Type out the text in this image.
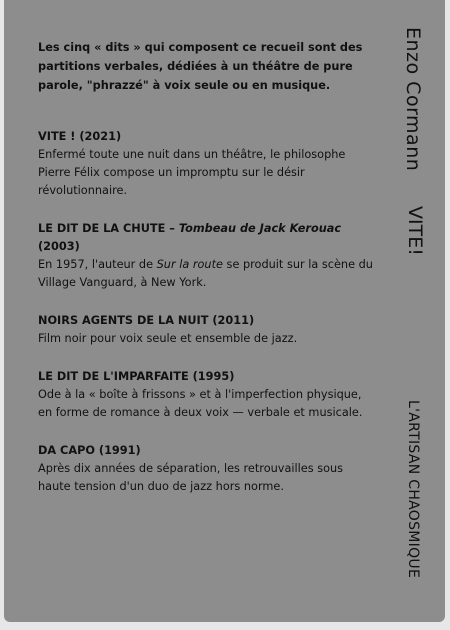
Les cinq « dits » qui composent ce recueil sont des partitions verbales, dédiées à un théâtre de pure parole, "phrazzé" à voix seule ou en musique.

VITE ! (2021)

Enfermé toute une nuit dans un théâtre, le philosophe Pierre Félix compose un impromptu sur le désir révolutionnaire.

LE DIT DE LA CHUTE – Tombeau de Jack Kerouac (2003)

En 1957, l'auteur de Sur la route se produit sur la scène du Village Vanguard, à New York.

NOIRS AGENTS DE LA NUIT (2011)

Film noir pour voix seule et ensemble de jazz.

LE DIT DE L'IMPARFAITE (1995)

Ode à la « boîte à frissons » et à l'imperfection physique, en forme de romance à deux voix — verbale et musicale.

DA CAPO (1991)

Après dix années de séparation, les retrouvailles sous haute tension d'un duo de jazz hors norme.

Enzo Cormann
VITE!
L'ARTISAN CHAOSMIQUE
